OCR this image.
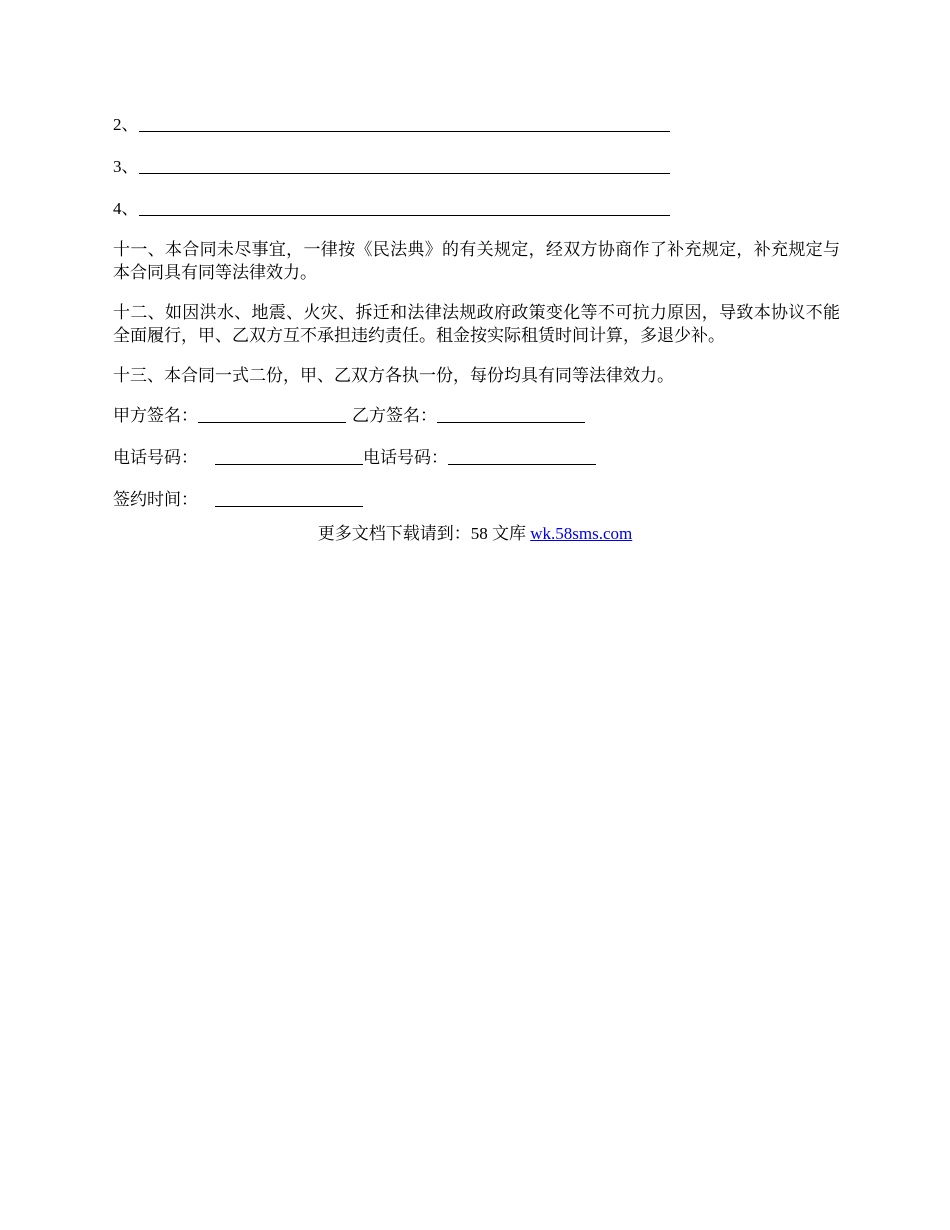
2、
3、
4、

十一、本合同未尽事宜，一律按《民法典》的有关规定，经双方协商作了补充规定，补充规定与本合同具有同等法律效力。

十二、如因洪水、地震、火灾、拆迁和法律法规政府政策变化等不可抗力原因，导致本协议不能全面履行，甲、乙双方互不承担违约责任。租金按实际租赁时间计算，多退少补。

十三、本合同一式二份，甲、乙双方各执一份，每份均具有同等法律效力。

甲方签名：	乙方签名：
电话号码：	电话号码：
签约时间：
更多文档下载请到：58 文库 wk.58sms.com
